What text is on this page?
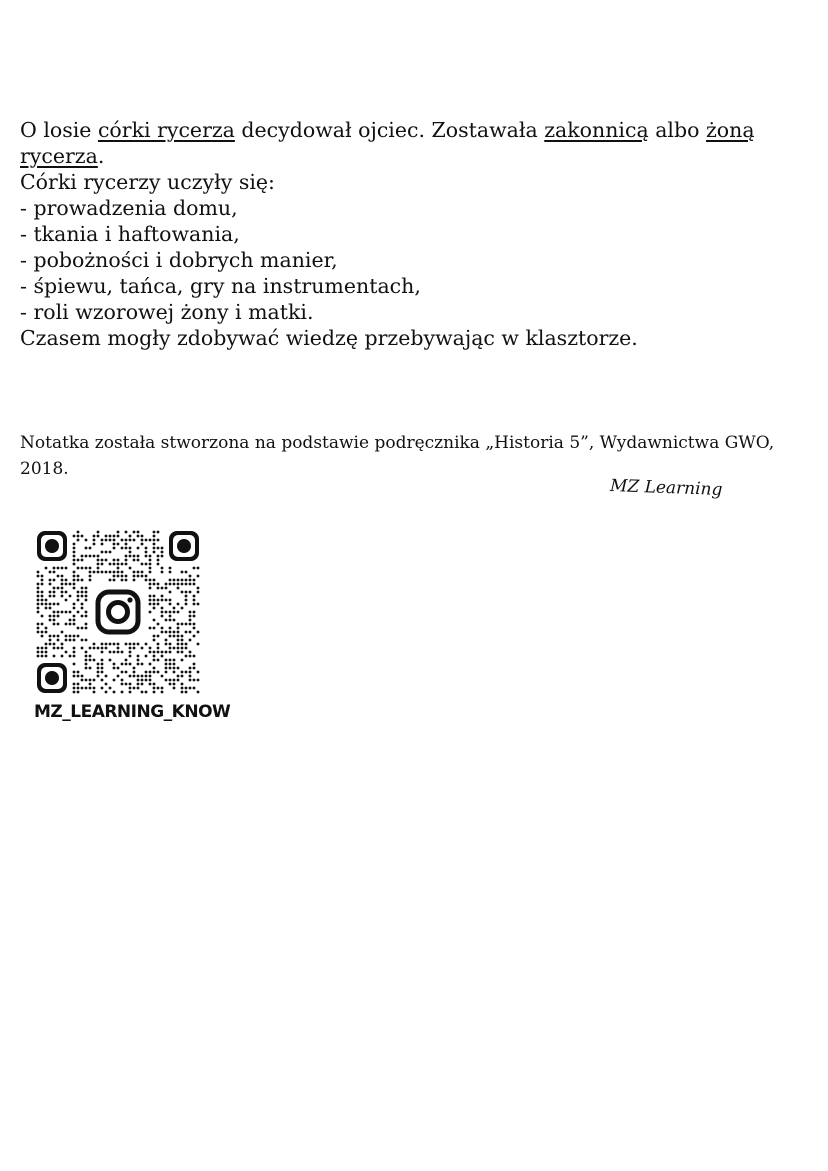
O losie córki rycerza decydował ojciec. Zostawała zakonnicą albo żoną rycerza.

Córki rycerzy uczyły się:

- prowadzenia domu,
- tkania i haftowania,
- pobożności i dobrych manier,
- śpiewu, tańca, gry na instrumentach,
- roli wzorowej żony i matki.

Czasem mogły zdobywać wiedzę przebywając w klasztorze.

Notatka została stworzona na podstawie podręcznika „Historia 5”, Wydawnictwa GWO, 2018.
MZ Learning
MZ_LEARNING_KNOW
